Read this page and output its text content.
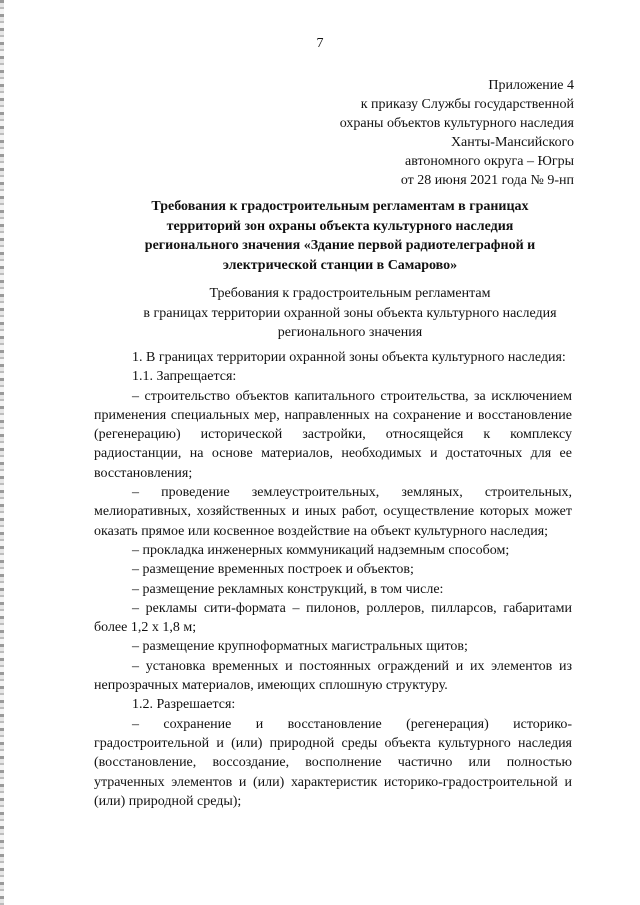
7
Приложение 4
к приказу Службы государственной
охраны объектов культурного наследия
Ханты-Мансийского
автономного округа – Югры
от 28 июня 2021 года № 9-нп
Требования к градостроительным регламентам в границах
территорий зон охраны объекта культурного наследия
регионального значения «Здание первой радиотелеграфной и
электрической станции в Самарово»
Требования к градостроительным регламентам
в границах территории охранной зоны объекта культурного наследия
регионального значения

1. В границах территории охранной зоны объекта культурного наследия:

1.1. Запрещается:

– строительство объектов капитального строительства, за исключением применения специальных мер, направленных на сохранение и восстановление (регенерацию) исторической застройки, относящейся к комплексу радиостанции, на основе материалов, необходимых и достаточных для ее восстановления;

– проведение землеустроительных, земляных, строительных, мелиоративных, хозяйственных и иных работ, осуществление которых может оказать прямое или косвенное воздействие на объект культурного наследия;

– прокладка инженерных коммуникаций надземным способом;

– размещение временных построек и объектов;

– размещение рекламных конструкций, в том числе:

– рекламы сити-формата – пилонов, роллеров, пилларсов, габаритами более 1,2 х 1,8 м;

– размещение крупноформатных магистральных щитов;

– установка временных и постоянных ограждений и их элементов из непрозрачных материалов, имеющих сплошную структуру.

1.2. Разрешается:

– сохранение и восстановление (регенерация) историко-градостроительной и (или) природной среды объекта культурного наследия (восстановление, воссоздание, восполнение частично или полностью утраченных элементов и (или) характеристик историко-градостроительной и (или) природной среды);
